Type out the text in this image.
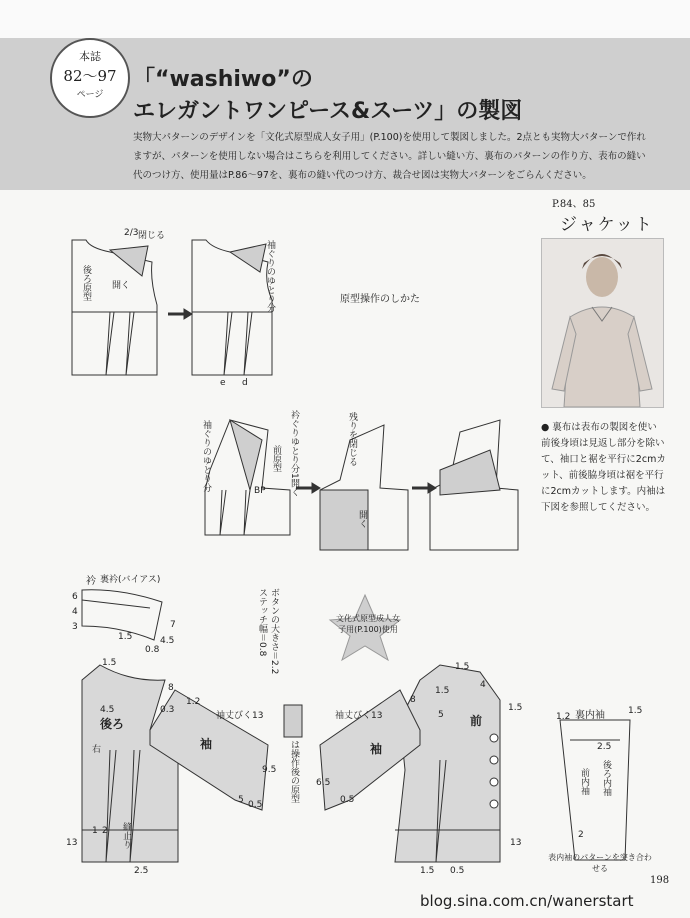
本誌
82～97
ページ
「“washiwo”の
エレガントワンピース&スーツ」の製図
実物大パターンのデザインを「文化式原型成人女子用」(P.100)を使用して製図しました。2点とも実物大パターンで作れますが、パターンを使用しない場合はこちらを利用してください。詳しい縫い方、裏布のパターンの作り方、表布の縫い代のつけ方、使用量はP.86～97を、裏布の縫い代のつけ方、裁合せ図は実物大パターンをごらんください。
P.84、85
ジャケット
● 裏布は表布の製図を使い前後身頃は見返し部分を除いて、袖口と裾を平行に2cmカット、前後脇身頃は裾を平行に2cmカットします。内袖は下図を参照してください。
原型操作のしかた
後ろ原型
閉じる
2/3
開く	袖ぐりのゆとり分
e d
袖ぐりのゆとり分	衿ぐりゆとり分1開く
前原型
BP
残りを閉じる
開く
衿 裏衿(バイアス)
ボタンの大きさ＝2.2
ステッチ幅＝0.8	文化式原型成人女子用(P.100)使用
は操作後の原型
袖丈びく13	袖丈びく13
後ろ
右	袖	袖
前
縫止り
裏内袖
前内袖 後ろ内袖
表内袖のパターンを突き合わせる
6
4
3
1.5	4.5
7
0.8
1.5
0.3
4.5
8
1.2
9.5
5 0.5
13
1 2
2.5
1.5
6.5
4
1.5
1.5
13
5
1.5
0.5
0.5
1.2
1.5
2.5
2
8
198
blog.sina.com.cn/wanerstart
